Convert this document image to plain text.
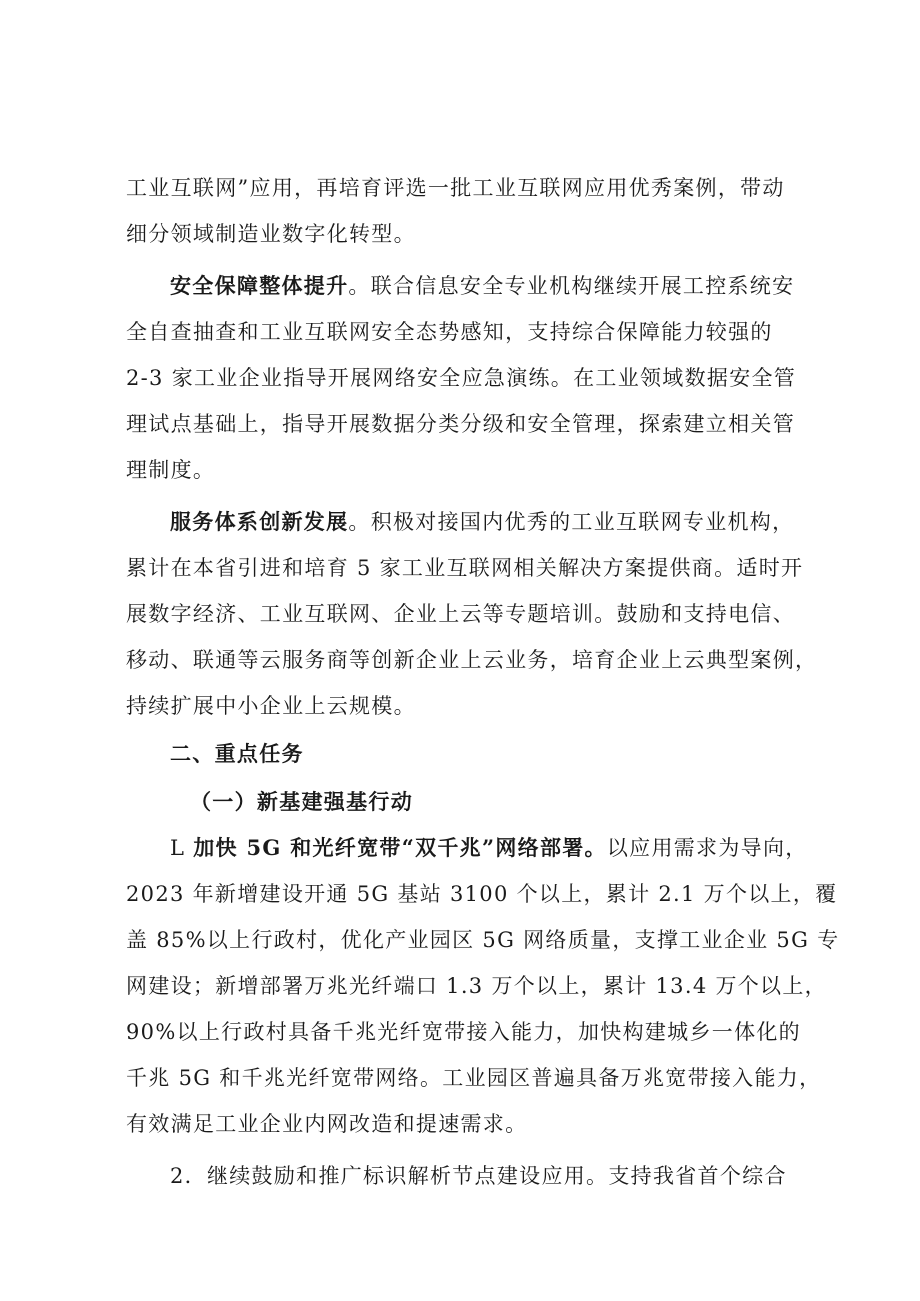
工业互联网”应用，再培育评选一批工业互联网应用优秀案例，带动
细分领域制造业数字化转型。
安全保障整体提升。联合信息安全专业机构继续开展工控系统安
全自查抽查和工业互联网安全态势感知，支持综合保障能力较强的
2-3 家工业企业指导开展网络安全应急演练。在工业领域数据安全管
理试点基础上，指导开展数据分类分级和安全管理，探索建立相关管
理制度。
服务体系创新发展。积极对接国内优秀的工业互联网专业机构，
累计在本省引进和培育 5 家工业互联网相关解决方案提供商。适时开
展数字经济、工业互联网、企业上云等专题培训。鼓励和支持电信、
移动、联通等云服务商等创新企业上云业务，培育企业上云典型案例，
持续扩展中小企业上云规模。
二、重点任务
（一）新基建强基行动
L 加快 5G 和光纤宽带“双千兆”网络部署。以应用需求为导向，
2023 年新增建设开通 5G 基站 3100 个以上，累计 2.1 万个以上，覆
盖 85%以上行政村，优化产业园区 5G 网络质量，支撑工业企业 5G 专
网建设；新增部署万兆光纤端口 1.3 万个以上，累计 13.4 万个以上，
90%以上行政村具备千兆光纤宽带接入能力，加快构建城乡一体化的
千兆 5G 和千兆光纤宽带网络。工业园区普遍具备万兆宽带接入能力，
有效满足工业企业内网改造和提速需求。
2．继续鼓励和推广标识解析节点建设应用。支持我省首个综合
